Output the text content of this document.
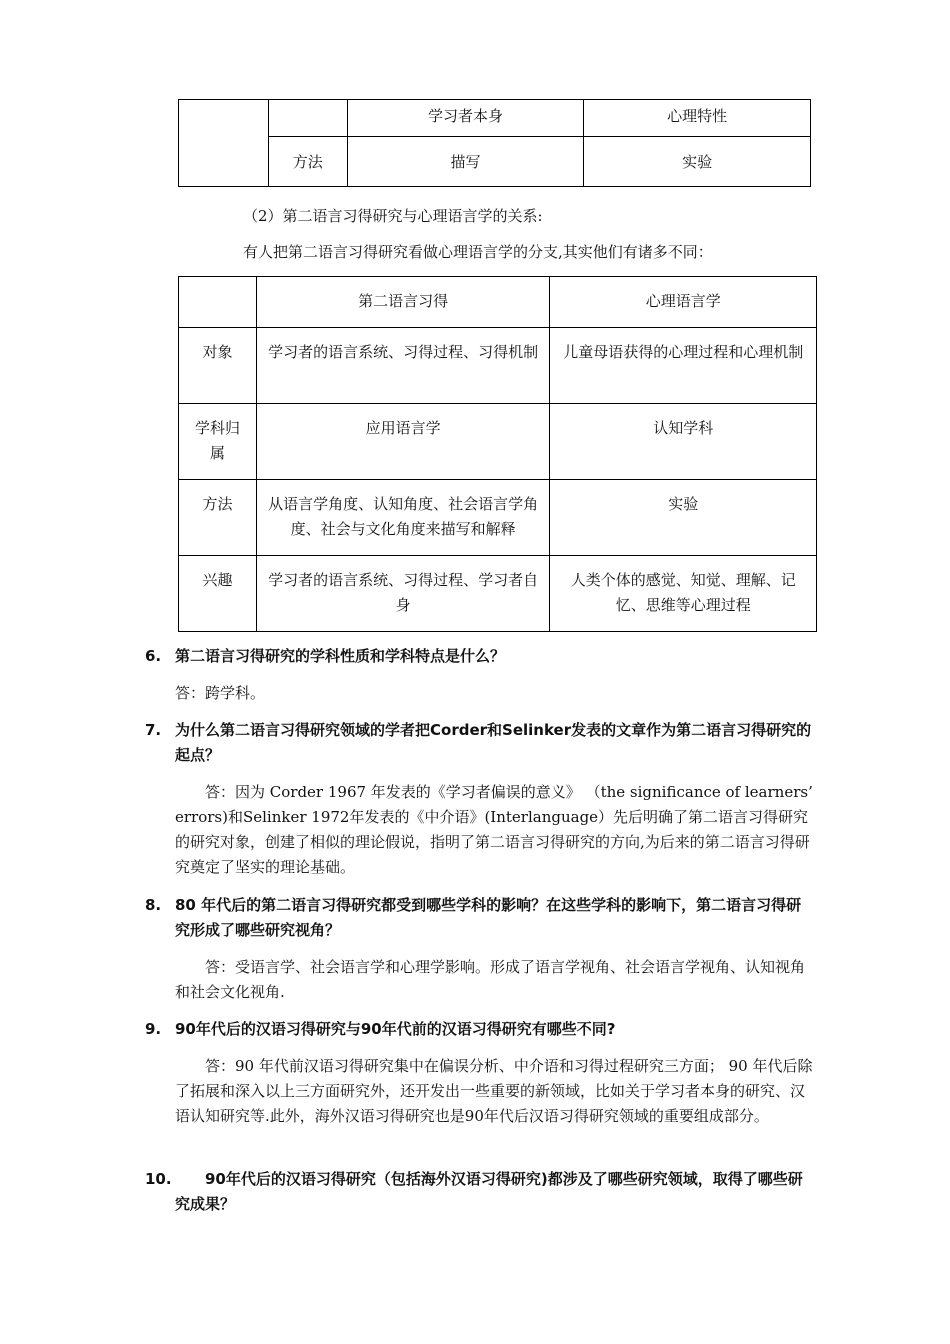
		学习者本身	心理特性
	方法	描写	实验
（2）第二语言习得研究与心理语言学的关系:
有人把第二语言习得研究看做心理语言学的分支,其实他们有诸多不同：
	第二语言习得	心理语言学
对象	学习者的语言系统、习得过程、习得机制	儿童母语获得的心理过程和心理机制
学科归属	应用语言学	认知学科
方法	从语言学角度、认知角度、社会语言学角度、社会与文化角度来描写和解释	实验
兴趣	学习者的语言系统、习得过程、学习者自身	人类个体的感觉、知觉、理解、记忆、思维等心理过程
6. 第二语言习得研究的学科性质和学科特点是什么？
答：跨学科。
7. 为什么第二语言习得研究领域的学者把Corder和Selinker发表的文章作为第二语言习得研究的起点？
答：因为 Corder 1967 年发表的《学习者偏误的意义》 （the significance of learners’ errors)和Selinker 1972年发表的《中介语》(Interlanguage）先后明确了第二语言习得研究的研究对象，创建了相似的理论假说，指明了第二语言习得研究的方向,为后来的第二语言习得研究奠定了坚实的理论基础。
8. 80 年代后的第二语言习得研究都受到哪些学科的影响？在这些学科的影响下，第二语言习得研究形成了哪些研究视角？
答：受语言学、社会语言学和心理学影响。形成了语言学视角、社会语言学视角、认知视角和社会文化视角.
9. 90年代后的汉语习得研究与90年代前的汉语习得研究有哪些不同?
答：90 年代前汉语习得研究集中在偏误分析、中介语和习得过程研究三方面； 90 年代后除了拓展和深入以上三方面研究外，还开发出一些重要的新领域，比如关于学习者本身的研究、汉语认知研究等.此外，海外汉语习得研究也是90年代后汉语习得研究领域的重要组成部分。
10.	90年代后的汉语习得研究（包括海外汉语习得研究)都涉及了哪些研究领域，取得了哪些研究成果？
